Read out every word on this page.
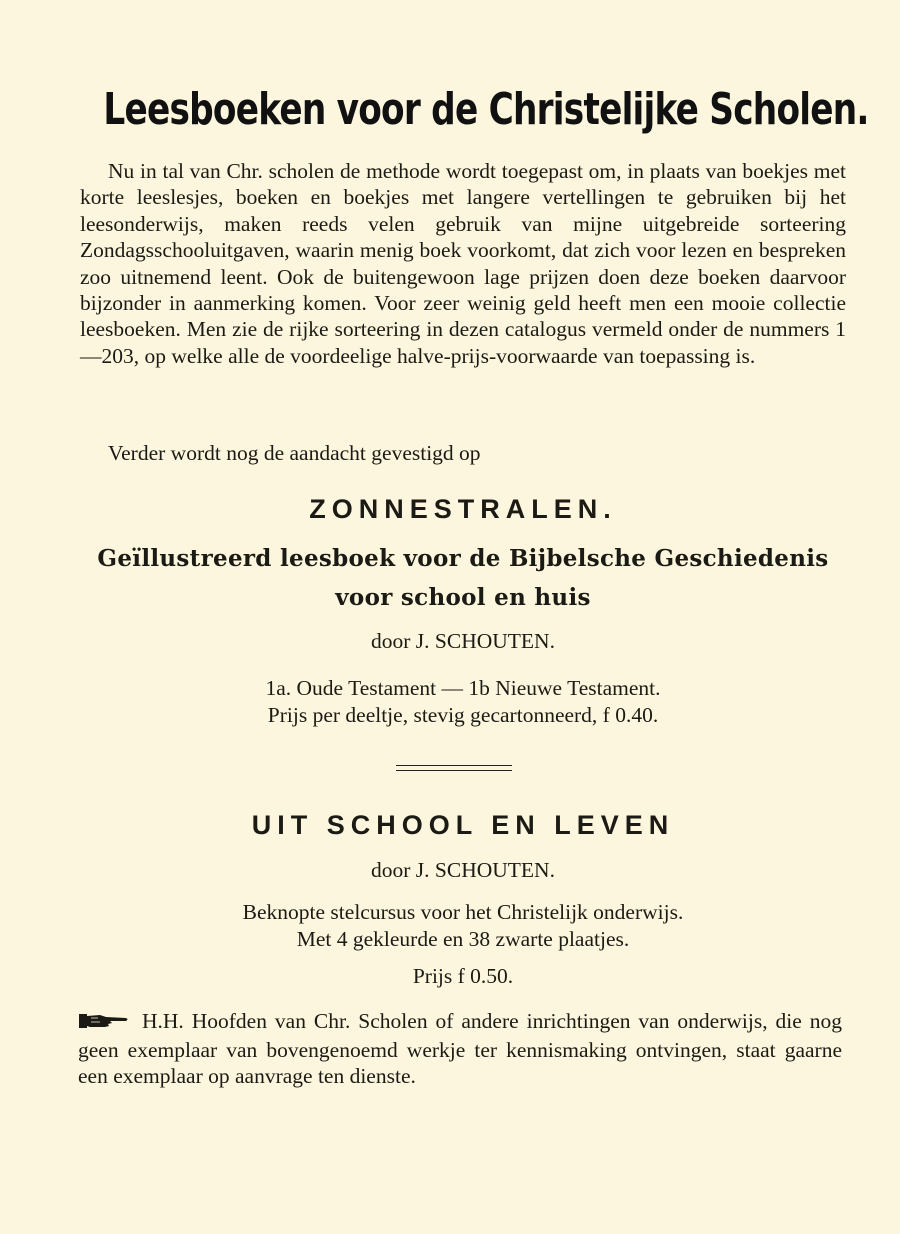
Leesboeken voor de Christelijke Scholen.

Nu in tal van Chr. scholen de methode wordt toegepast om, in plaats van boekjes met korte leeslesjes, boeken en boekjes met langere vertellingen te gebruiken bij het leesonderwijs, maken reeds velen gebruik van mijne uitgebreide sorteering Zondagsschooluitgaven, waarin menig boek voorkomt, dat zich voor lezen en bespreken zoo uitnemend leent. Ook de buitengewoon lage prijzen doen deze boeken daarvoor bijzonder in aanmerking komen. Voor zeer weinig geld heeft men een mooie collectie leesboeken. Men zie de rijke sorteering in dezen catalogus vermeld onder de nummers 1—203, op welke alle de voordeelige halve-prijs-voorwaarde van toepassing is.

Verder wordt nog de aandacht gevestigd op

ZONNESTRALEN.

Geïllustreerd leesboek voor de Bijbelsche Geschiedenis

voor school en huis

door J. SCHOUTEN.

1a. Oude Testament — 1b Nieuwe Testament.

Prijs per deeltje, stevig gecartonneerd, f 0.40.

UIT SCHOOL EN LEVEN

door J. SCHOUTEN.

Beknopte stelcursus voor het Christelijk onderwijs.

Met 4 gekleurde en 38 zwarte plaatjes.

Prijs f 0.50.

H.H. Hoofden van Chr. Scholen of andere inrichtingen van onderwijs, die nog geen exemplaar van bovengenoemd werkje ter kennismaking ontvingen, staat gaarne een exemplaar op aanvrage ten dienste.
